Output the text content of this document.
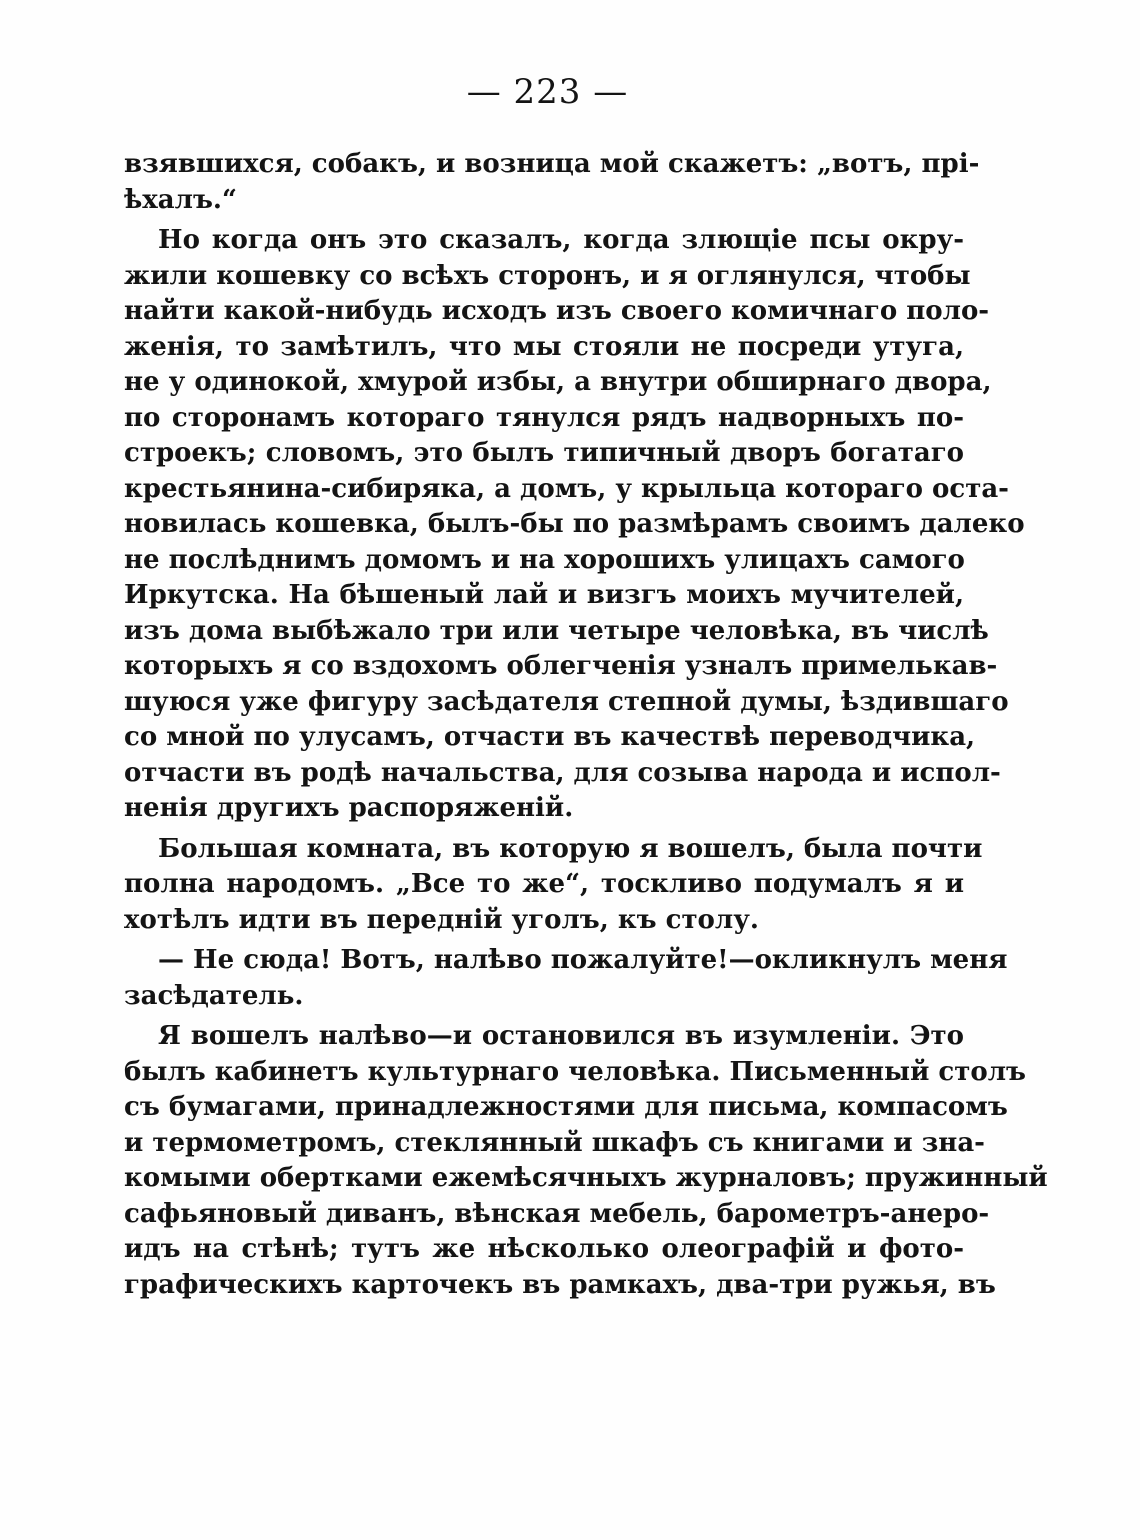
— 223 —
взявшихся, собакъ, и возница мой скажетъ: „вотъ, прі-
ѣхалъ.“
Но когда онъ это сказалъ, когда злющіе псы окру-
жили кошевку со всѣхъ сторонъ, и я оглянулся, чтобы
найти какой-нибудь исходъ изъ своего комичнаго поло-
женія, то замѣтилъ, что мы стояли не посреди утуга,
не у одинокой, хмурой избы, а внутри обширнаго двора,
по сторонамъ котораго тянулся рядъ надворныхъ по-
строекъ; словомъ, это былъ типичный дворъ богатаго
крестьянина-сибиряка, а домъ, у крыльца котораго оста-
новилась кошевка, былъ-бы по размѣрамъ своимъ далеко
не послѣднимъ домомъ и на хорошихъ улицахъ самого
Иркутска. На бѣшеный лай и визгъ моихъ мучителей,
изъ дома выбѣжало три или четыре человѣка, въ числѣ
которыхъ я со вздохомъ облегченія узналъ примелькав-
шуюся уже фигуру засѣдателя степной думы, ѣздившаго
со мной по улусамъ, отчасти въ качествѣ переводчика,
отчасти въ родѣ начальства, для созыва народа и испол-
ненія другихъ распоряженій.
Большая комната, въ которую я вошелъ, была почти
полна народомъ. „Все то же“, тоскливо подумалъ я и
хотѣлъ идти въ передній уголъ, къ столу.
— Не сюда! Вотъ, налѣво пожалуйте!—окликнулъ меня
засѣдатель.
Я вошелъ налѣво—и остановился въ изумленіи. Это
былъ кабинетъ культурнаго человѣка. Письменный столъ
съ бумагами, принадлежностями для письма, компасомъ
и термометромъ, стеклянный шкафъ съ книгами и зна-
комыми обертками ежемѣсячныхъ журналовъ; пружинный
сафьяновый диванъ, вѣнская мебель, барометръ-анеро-
идъ на стѣнѣ; тутъ же нѣсколько олеографій и фото-
графическихъ карточекъ въ рамкахъ, два-три ружья, въ
